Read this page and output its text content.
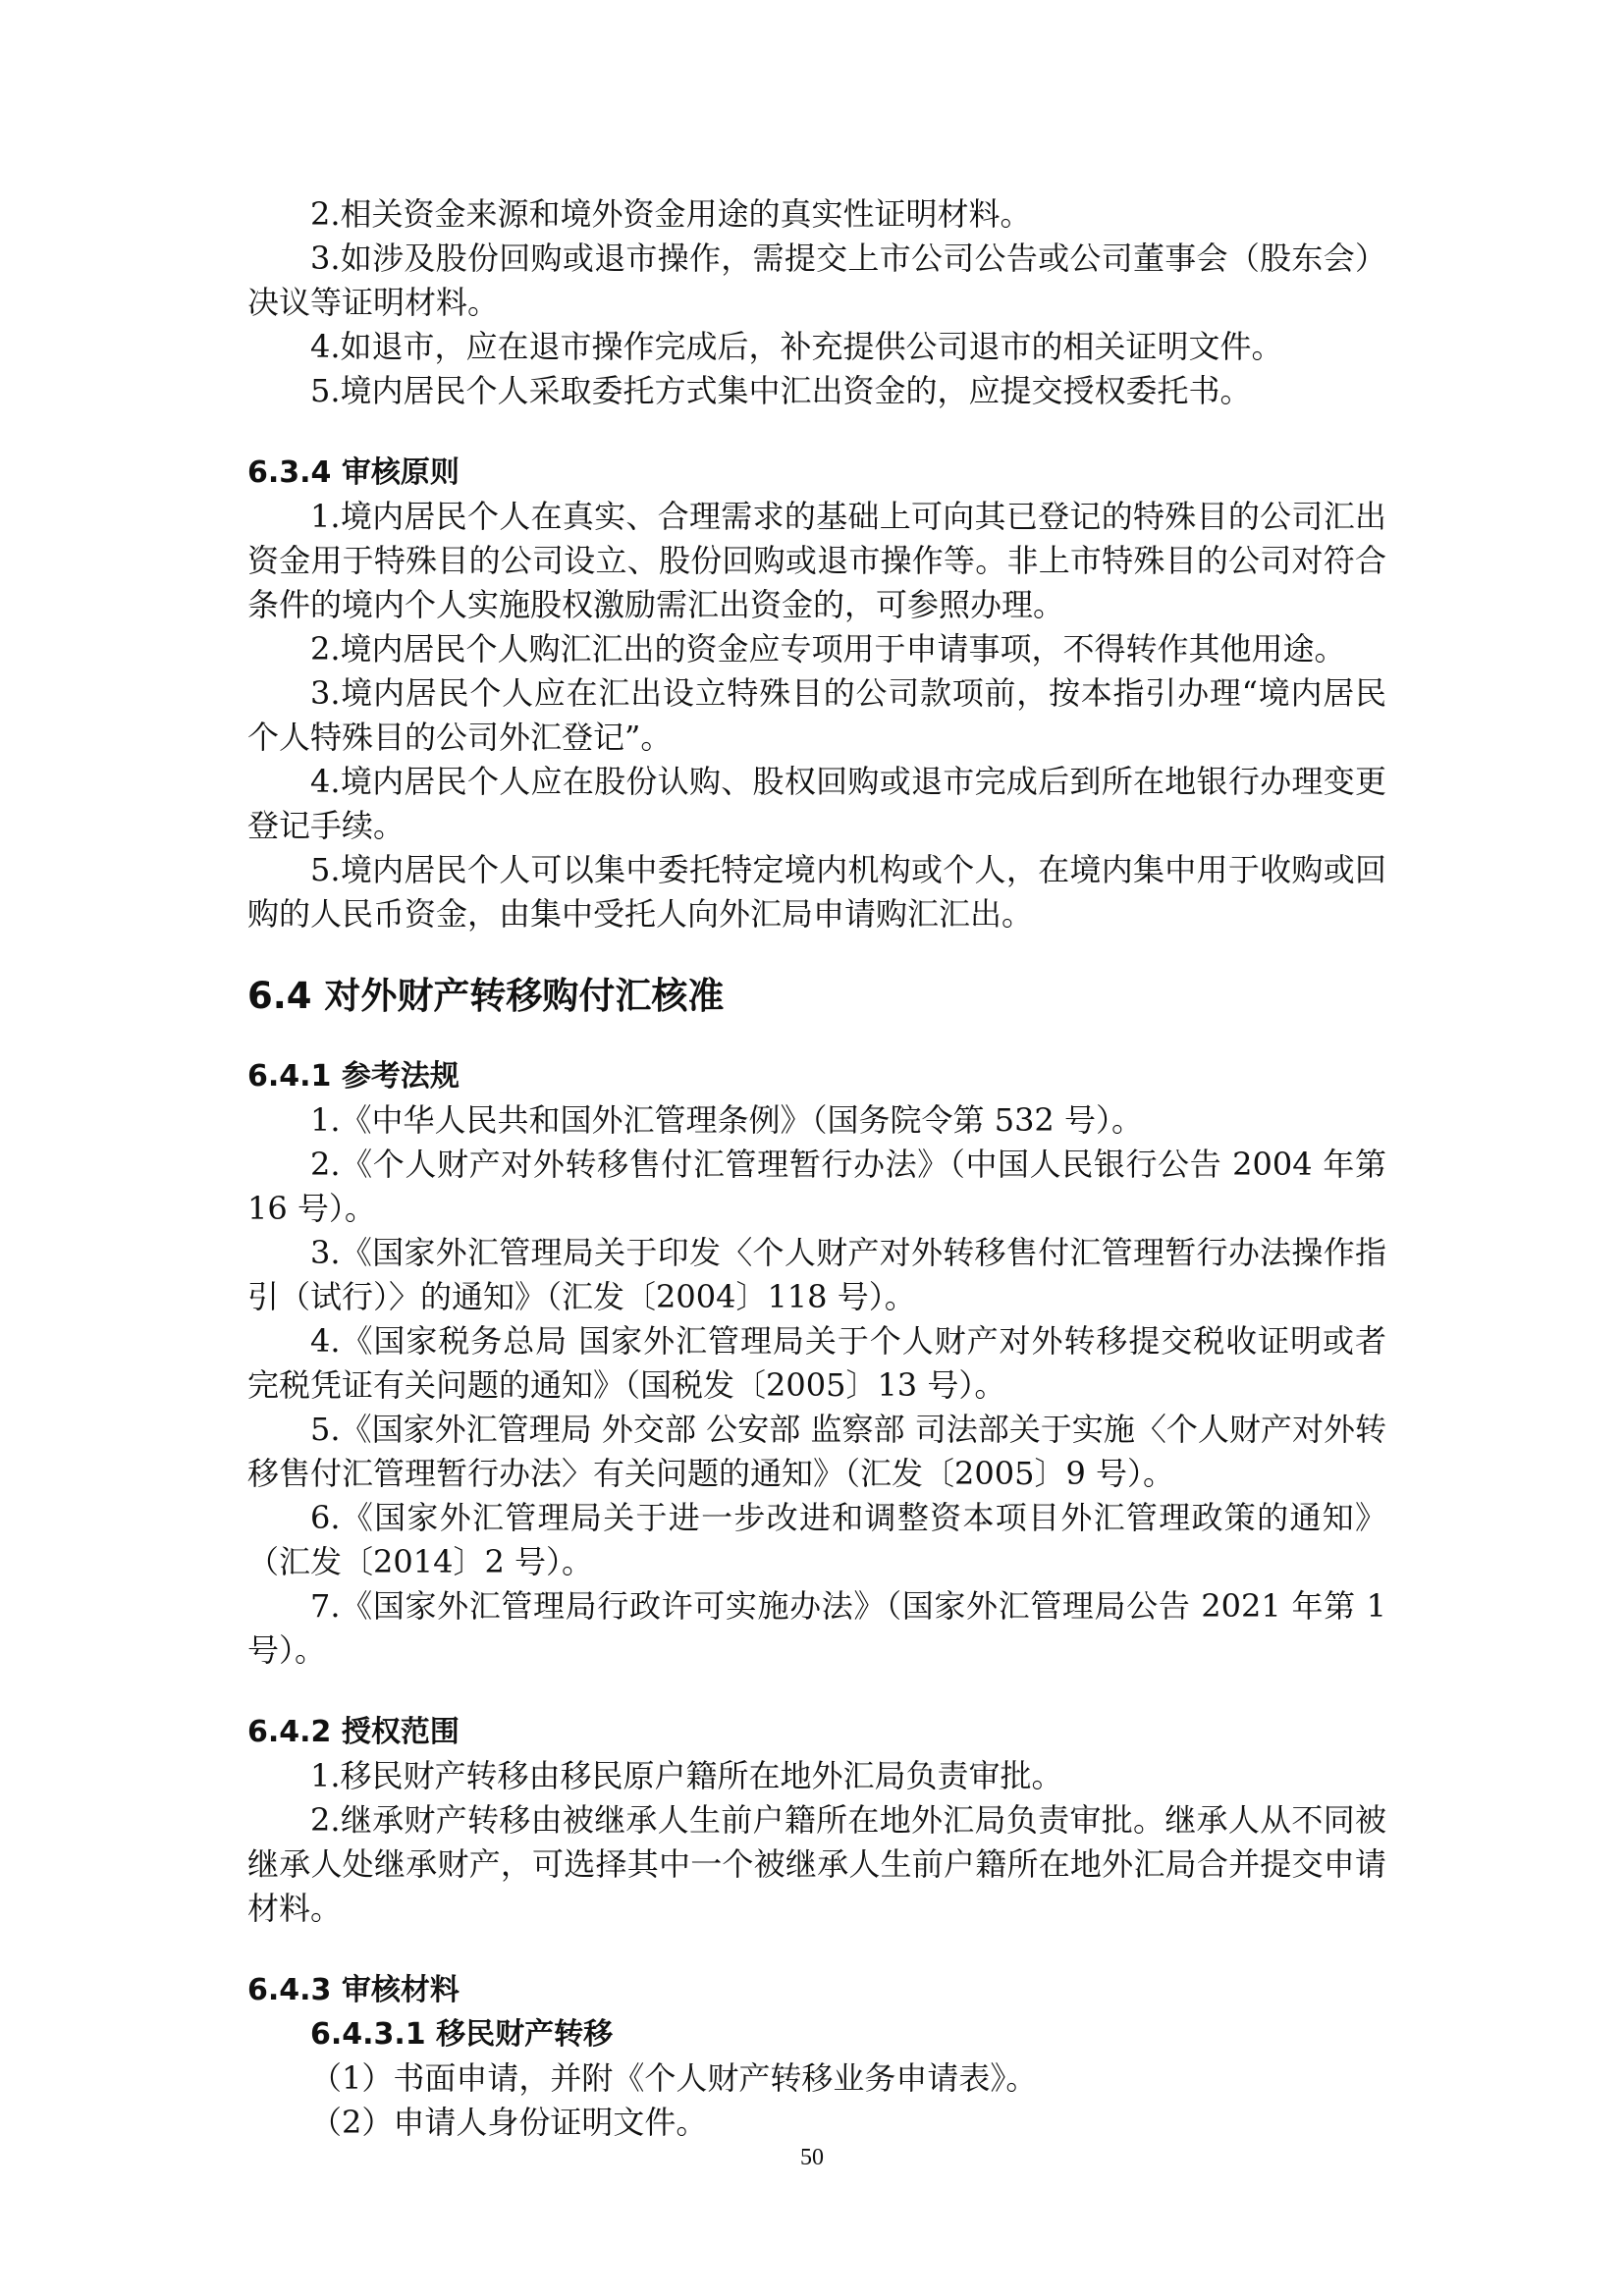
2.相关资金来源和境外资金用途的真实性证明材料。

3.如涉及股份回购或退市操作，需提交上市公司公告或公司董事会（股东会）决议等证明材料。

4.如退市，应在退市操作完成后，补充提供公司退市的相关证明文件。

5.境内居民个人采取委托方式集中汇出资金的，应提交授权委托书。

6.3.4 审核原则

1.境内居民个人在真实、合理需求的基础上可向其已登记的特殊目的公司汇出资金用于特殊目的公司设立、股份回购或退市操作等。非上市特殊目的公司对符合条件的境内个人实施股权激励需汇出资金的，可参照办理。

2.境内居民个人购汇汇出的资金应专项用于申请事项，不得转作其他用途。

3.境内居民个人应在汇出设立特殊目的公司款项前，按本指引办理“境内居民个人特殊目的公司外汇登记”。

4.境内居民个人应在股份认购、股权回购或退市完成后到所在地银行办理变更登记手续。

5.境内居民个人可以集中委托特定境内机构或个人，在境内集中用于收购或回购的人民币资金，由集中受托人向外汇局申请购汇汇出。

6.4 对外财产转移购付汇核准
6.4.1 参考法规

1.《中华人民共和国外汇管理条例》（国务院令第 532 号）。

2.《个人财产对外转移售付汇管理暂行办法》（中国人民银行公告 2004 年第 16 号）。

3.《国家外汇管理局关于印发〈个人财产对外转移售付汇管理暂行办法操作指引（试行）〉的通知》（汇发〔2004〕118 号）。

4.《国家税务总局 国家外汇管理局关于个人财产对外转移提交税收证明或者完税凭证有关问题的通知》（国税发〔2005〕13 号）。

5.《国家外汇管理局 外交部 公安部 监察部 司法部关于实施〈个人财产对外转移售付汇管理暂行办法〉有关问题的通知》（汇发〔2005〕9 号）。

6.《国家外汇管理局关于进一步改进和调整资本项目外汇管理政策的通知》（汇发〔2014〕2 号）。

7.《国家外汇管理局行政许可实施办法》（国家外汇管理局公告 2021 年第 1 号）。

6.4.2 授权范围

1.移民财产转移由移民原户籍所在地外汇局负责审批。

2.继承财产转移由被继承人生前户籍所在地外汇局负责审批。继承人从不同被继承人处继承财产，可选择其中一个被继承人生前户籍所在地外汇局合并提交申请材料。

6.4.3 审核材料
6.4.3.1 移民财产转移

（1）书面申请，并附《个人财产转移业务申请表》。

（2）申请人身份证明文件。

50
